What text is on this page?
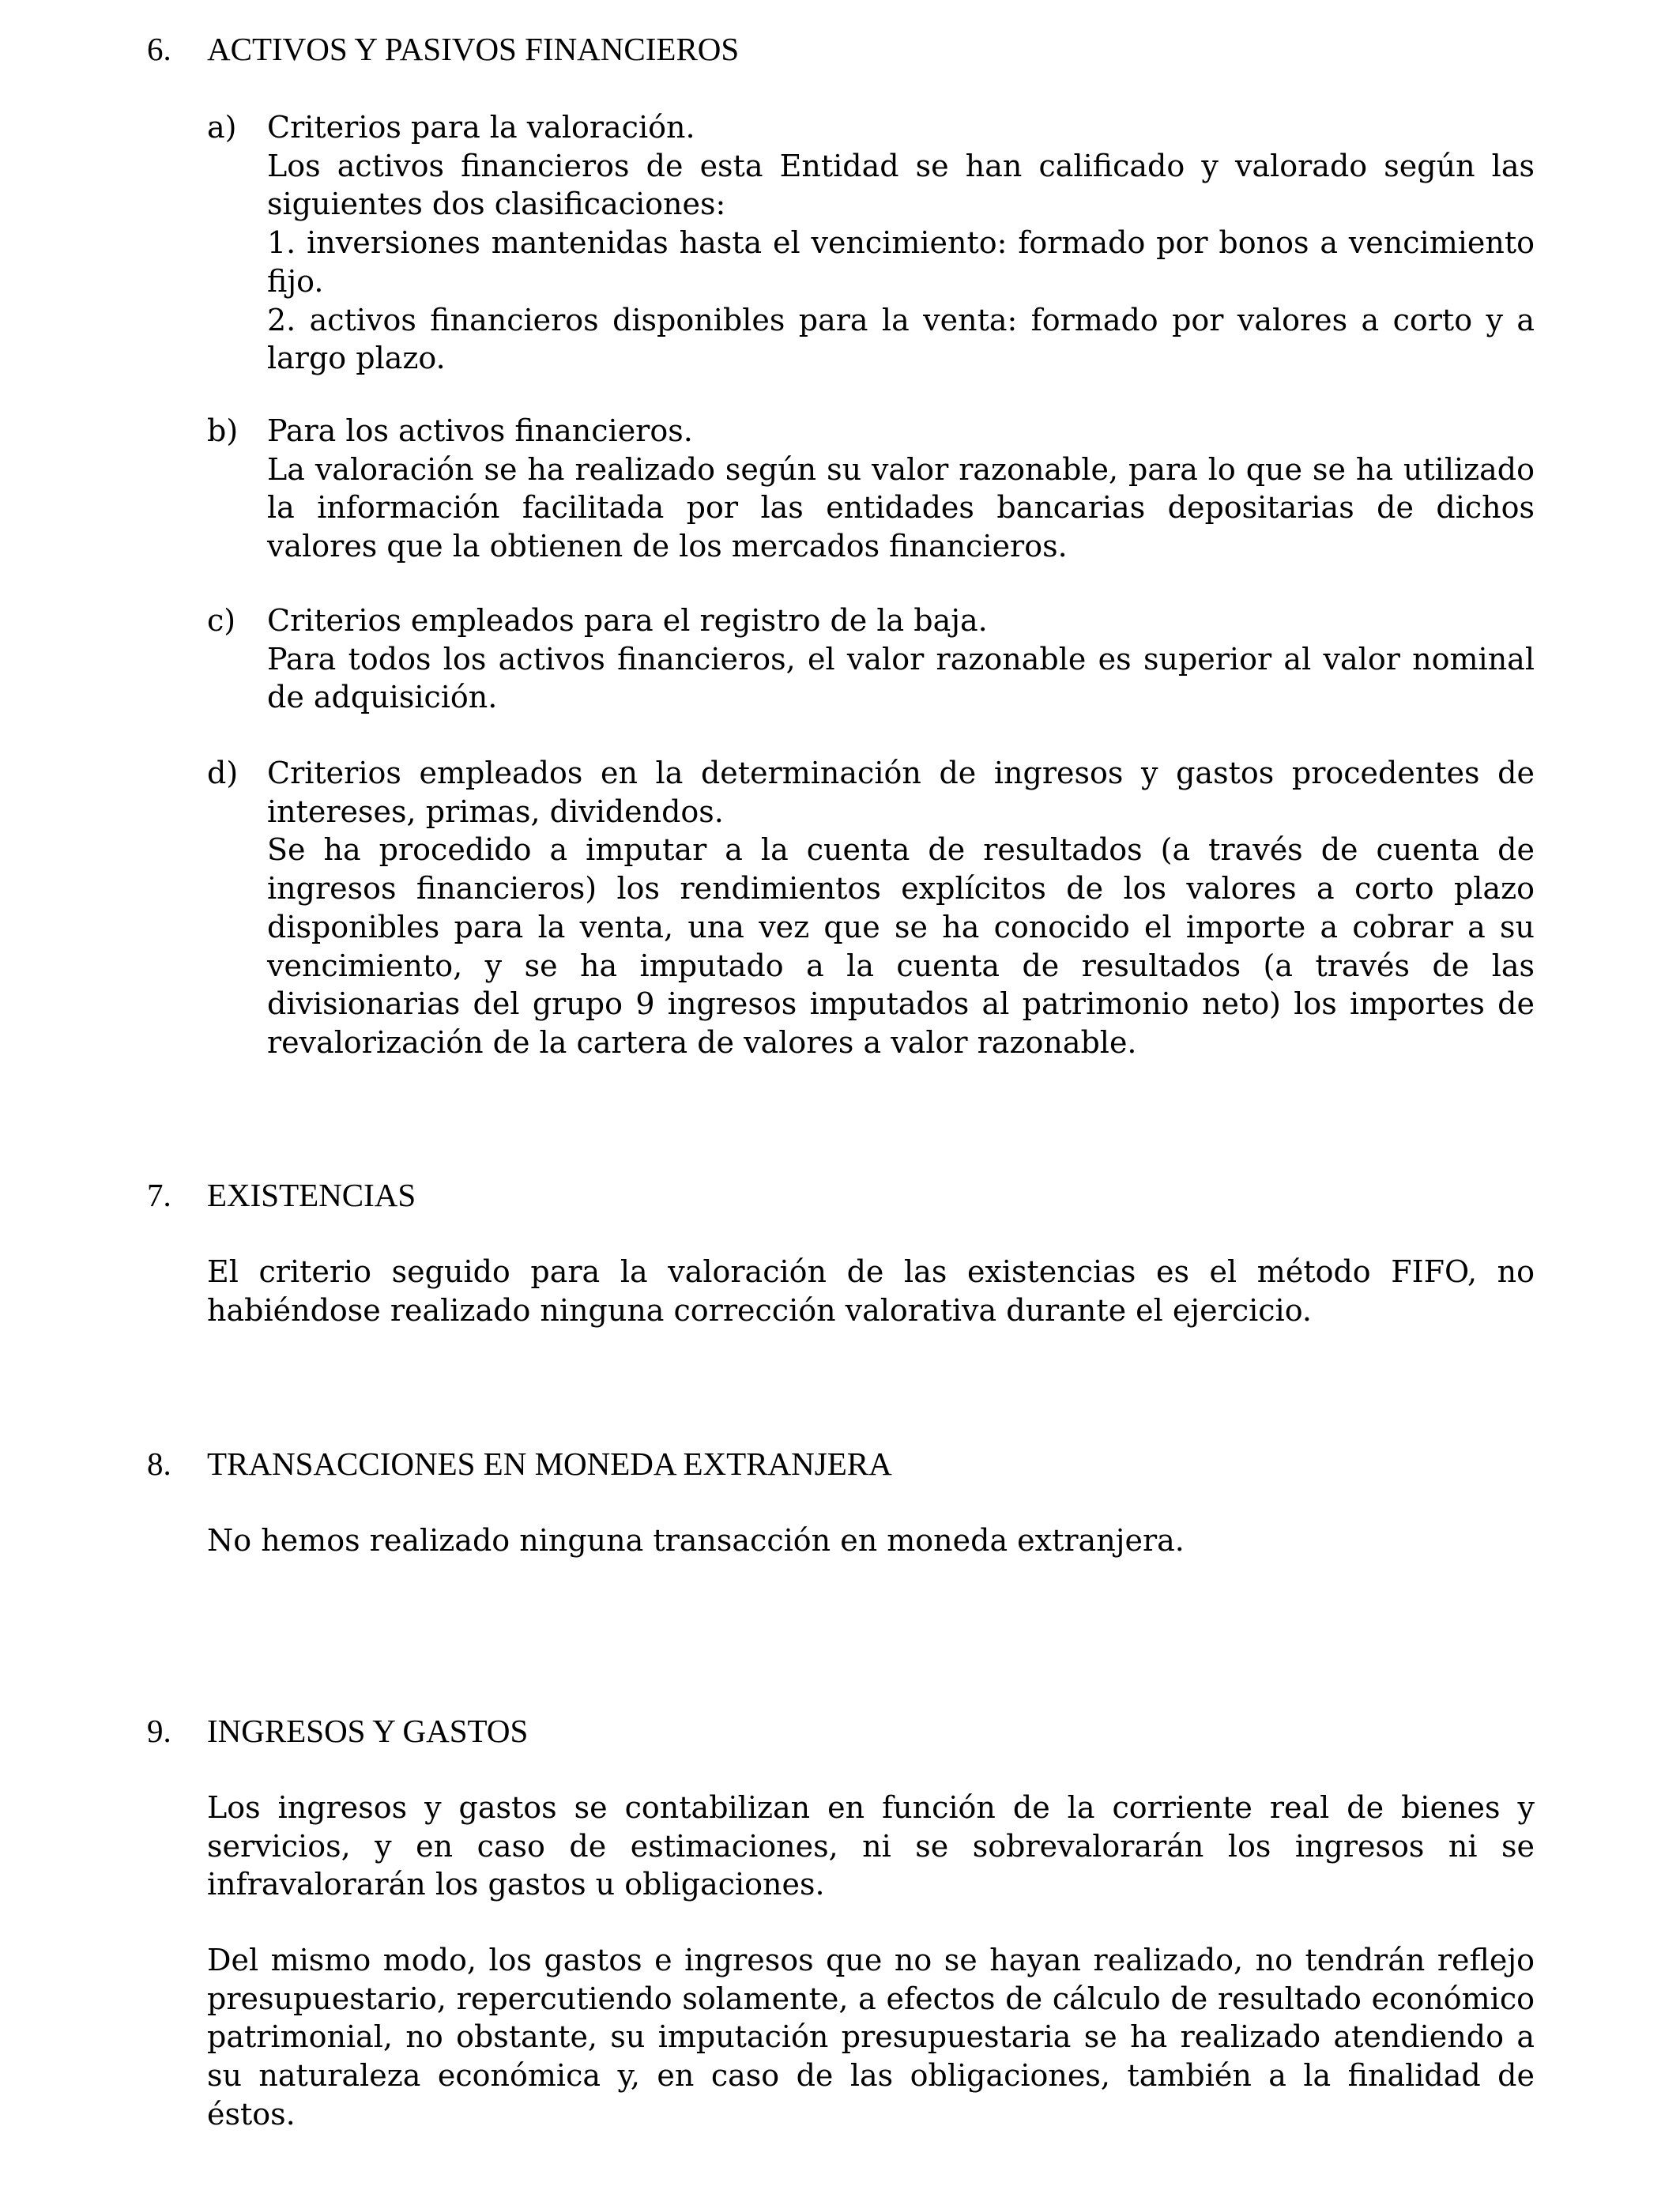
6. ACTIVOS Y PASIVOS FINANCIEROS
a) Criterios para la valoración.

Los activos financieros de esta Entidad se han calificado y valorado según las siguientes dos clasificaciones:

1. inversiones mantenidas hasta el vencimiento: formado por bonos a vencimiento fijo.

2. activos financieros disponibles para la venta: formado por valores a corto y a largo plazo.

b) Para los activos financieros.

La valoración se ha realizado según su valor razonable, para lo que se ha utilizado la información facilitada por las entidades bancarias depositarias de dichos valores que la obtienen de los mercados financieros.

c) Criterios empleados para el registro de la baja.

Para todos los activos financieros, el valor razonable es superior al valor nominal de adquisición.

d) Criterios empleados en la determinación de ingresos y gastos procedentes de intereses, primas, dividendos.

Se ha procedido a imputar a la cuenta de resultados (a través de cuenta de ingresos financieros) los rendimientos explícitos de los valores a corto plazo disponibles para la venta, una vez que se ha conocido el importe a cobrar a su vencimiento, y se ha imputado a la cuenta de resultados (a través de las divisionarias del grupo 9 ingresos imputados al patrimonio neto) los importes de revalorización de la cartera de valores a valor razonable.

7. EXISTENCIAS

El criterio seguido para la valoración de las existencias es el método FIFO, no habiéndose realizado ninguna corrección valorativa durante el ejercicio.

8. TRANSACCIONES EN MONEDA EXTRANJERA

No hemos realizado ninguna transacción en moneda extranjera.

9. INGRESOS Y GASTOS

Los ingresos y gastos se contabilizan en función de la corriente real de bienes y servicios, y en caso de estimaciones, ni se sobrevalorarán los ingresos ni se infravalorarán los gastos u obligaciones.

Del mismo modo, los gastos e ingresos que no se hayan realizado, no tendrán reflejo presupuestario, repercutiendo solamente, a efectos de cálculo de resultado económico patrimonial, no obstante, su imputación presupuestaria se ha realizado atendiendo a su naturaleza económica y, en caso de las obligaciones, también a la finalidad de éstos.
